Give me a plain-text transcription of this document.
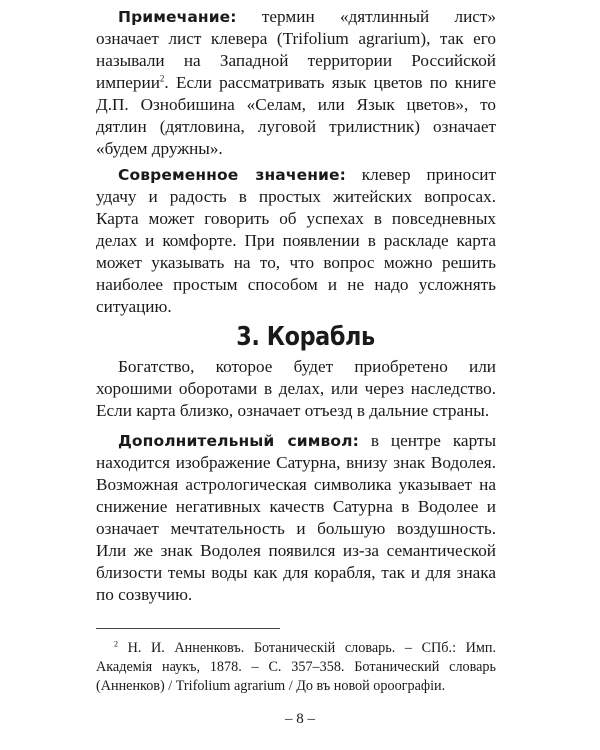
Примечание: термин «дятлинный лист» означает лист клевера (Trifolium agrarium), так его называли на Западной территории Российской империи$^2$. Если рассматривать язык цветов по книге Д.П. Ознобишина «Селам, или Язык цветов», то дятлин (дятловина, луговой трилистник) означает «будем дружны».

Современное значение: клевер приносит удачу и радость в простых житейских вопросах. Карта может говорить об успехах в повседневных делах и комфорте. При появлении в раскладе карта может указывать на то, что вопрос можно решить наиболее простым способом и не надо усложнять ситуацию.

3. Корабль

Богатство, которое будет приобретено или хорошими оборотами в делах, или через наследство. Если карта близко, означает отъезд в дальние страны.

Дополнительный символ: в центре карты находится изображение Сатурна, внизу знак Водолея. Возможная астрологическая символика указывает на снижение негативных качеств Сатурна в Водолее и означает мечтательность и большую воздушность. Или же знак Водолея появился из-за семантической близости темы воды как для корабля, так и для знака по созвучию.

$^2$ Н. И. Анненковъ. Ботаническiй словарь. – СПб.: Имп. Академiя наукъ, 1878. – С. 357–358. Ботанический словарь (Анненков) / Trifolium agrarium / До въ новой ороографiи.

– 8 –
